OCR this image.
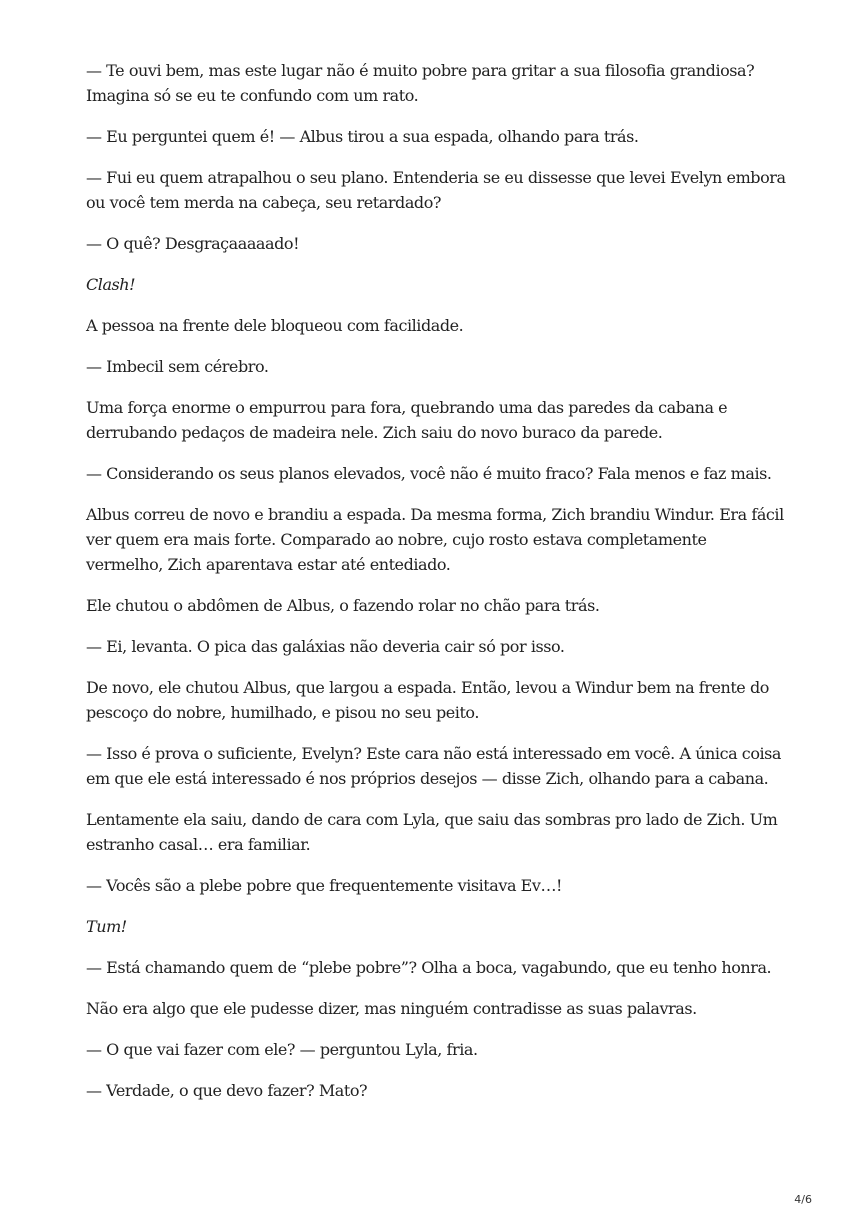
— Te ouvi bem, mas este lugar não é muito pobre para gritar a sua filosofia grandiosa? Imagina só se eu te confundo com um rato.

— Eu perguntei quem é! — Albus tirou a sua espada, olhando para trás.

— Fui eu quem atrapalhou o seu plano. Entenderia se eu dissesse que levei Evelyn embora ou você tem merda na cabeça, seu retardado?

— O quê? Desgraçaaaaado!

Clash!

A pessoa na frente dele bloqueou com facilidade.

— Imbecil sem cérebro.

Uma força enorme o empurrou para fora, quebrando uma das paredes da cabana e derrubando pedaços de madeira nele. Zich saiu do novo buraco da parede.

— Considerando os seus planos elevados, você não é muito fraco? Fala menos e faz mais.

Albus correu de novo e brandiu a espada. Da mesma forma, Zich brandiu Windur. Era fácil ver quem era mais forte. Comparado ao nobre, cujo rosto estava completamente vermelho, Zich aparentava estar até entediado.

Ele chutou o abdômen de Albus, o fazendo rolar no chão para trás.

— Ei, levanta. O pica das galáxias não deveria cair só por isso.

De novo, ele chutou Albus, que largou a espada. Então, levou a Windur bem na frente do pescoço do nobre, humilhado, e pisou no seu peito.

— Isso é prova o suficiente, Evelyn? Este cara não está interessado em você. A única coisa em que ele está interessado é nos próprios desejos — disse Zich, olhando para a cabana.

Lentamente ela saiu, dando de cara com Lyla, que saiu das sombras pro lado de Zich. Um estranho casal… era familiar.

— Vocês são a plebe pobre que frequentemente visitava Ev…!

Tum!

— Está chamando quem de “plebe pobre”? Olha a boca, vagabundo, que eu tenho honra.

Não era algo que ele pudesse dizer, mas ninguém contradisse as suas palavras.

— O que vai fazer com ele? — perguntou Lyla, fria.

— Verdade, o que devo fazer? Mato?

4/6
